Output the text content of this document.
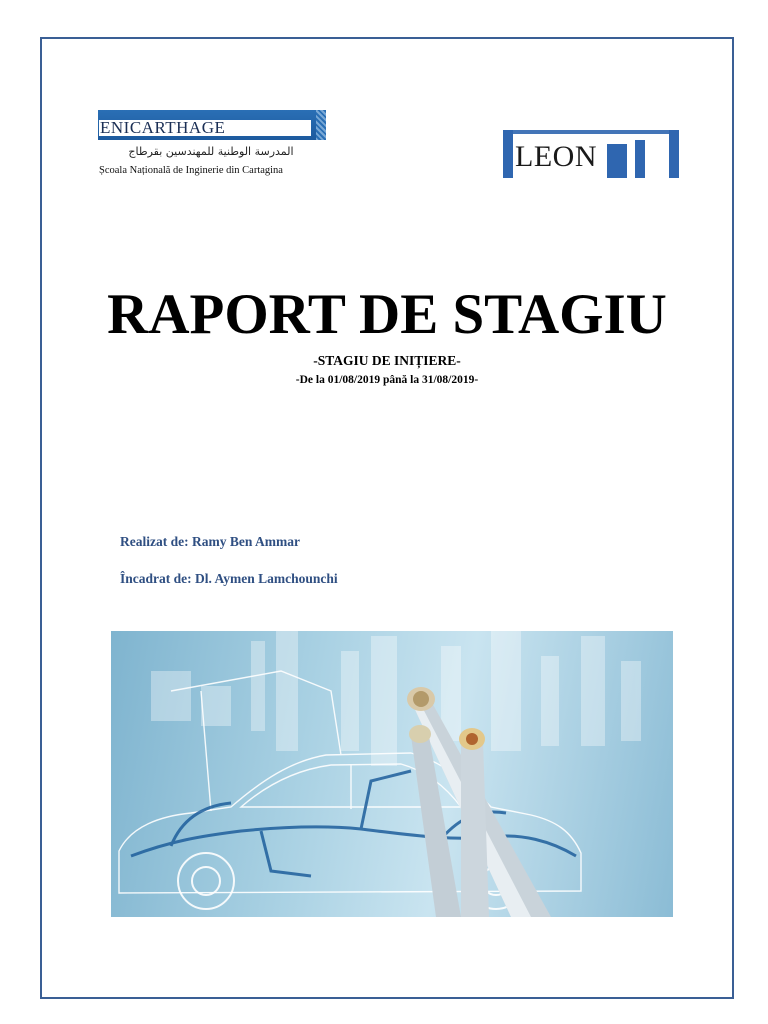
ENICARTHAGE
المدرسة الوطنية للمهندسين بقرطاج
Școala Națională de Inginerie din Cartagina	LEON
RAPORT DE STAGIU
-STAGIU DE INIȚIERE-
-De la 01/08/2019 până la 31/08/2019-
Realizat de: Ramy Ben Ammar
Încadrat de: Dl. Aymen Lamchounchi
